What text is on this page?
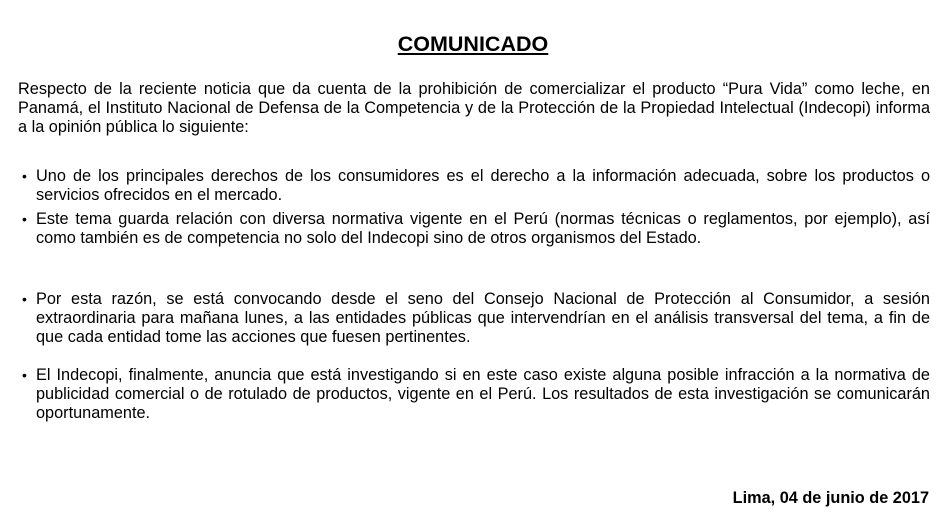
COMUNICADO

Respecto de la reciente noticia que da cuenta de la prohibición de comercializar el producto “Pura Vida” como leche, en Panamá, el Instituto Nacional de Defensa de la Competencia y de la Protección de la Propiedad Intelectual (Indecopi) informa a la opinión pública lo siguiente:

• Uno de los principales derechos de los consumidores es el derecho a la información adecuada, sobre los productos o servicios ofrecidos en el mercado.
• Este tema guarda relación con diversa normativa vigente en el Perú (normas técnicas o reglamentos, por ejemplo), así como también es de competencia no solo del Indecopi sino de otros organismos del Estado.
• Por esta razón, se está convocando desde el seno del Consejo Nacional de Protección al Consumidor, a sesión extraordinaria para mañana lunes, a las entidades públicas que intervendrían en el análisis transversal del tema, a fin de que cada entidad tome las acciones que fuesen pertinentes.
• El Indecopi, finalmente, anuncia que está investigando si en este caso existe alguna posible infracción a la normativa de publicidad comercial o de rotulado de productos, vigente en el Perú. Los resultados de esta investigación se comunicarán oportunamente.
Lima, 04 de junio de 2017
